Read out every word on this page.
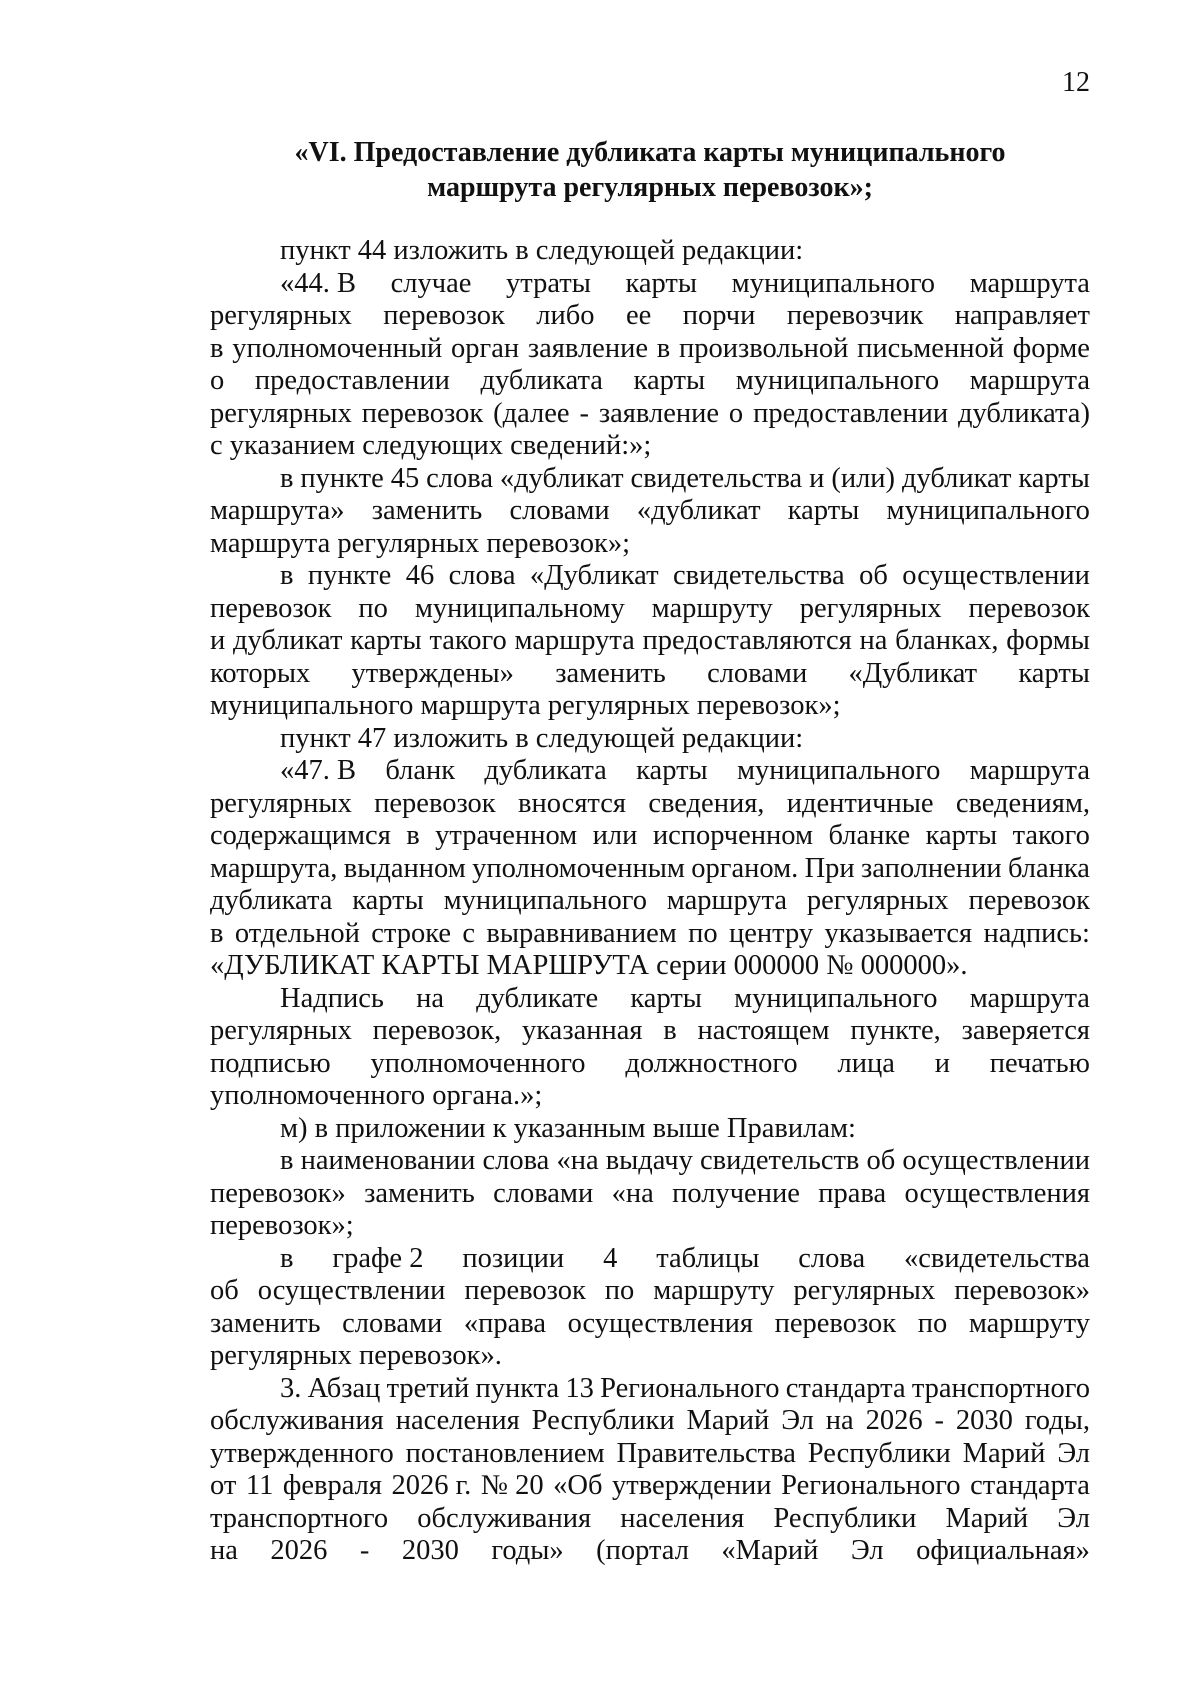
12
«VI. Предоставление дубликата карты муниципального
маршрута регулярных перевозок»;
пункт 44 изложить в следующей редакции:
«44. В случае утраты карты муниципального маршрута
регулярных перевозок либо ее порчи перевозчик направляет
в уполномоченный орган заявление в произвольной письменной форме
о предоставлении дубликата карты муниципального маршрута
регулярных перевозок (далее - заявление о предоставлении дубликата)
с указанием следующих сведений:»;
в пункте 45 слова «дубликат свидетельства и (или) дубликат карты
маршрута» заменить словами «дубликат карты муниципального
маршрута регулярных перевозок»;
в пункте 46 слова «Дубликат свидетельства об осуществлении
перевозок по муниципальному маршруту регулярных перевозок
и дубликат карты такого маршрута предоставляются на бланках, формы
которых утверждены» заменить словами «Дубликат карты
муниципального маршрута регулярных перевозок»;
пункт 47 изложить в следующей редакции:
«47. В бланк дубликата карты муниципального маршрута
регулярных перевозок вносятся сведения, идентичные сведениям,
содержащимся в утраченном или испорченном бланке карты такого
маршрута, выданном уполномоченным органом. При заполнении бланка
дубликата карты муниципального маршрута регулярных перевозок
в отдельной строке с выравниванием по центру указывается надпись:
«ДУБЛИКАТ КАРТЫ МАРШРУТА серии 000000 № 000000».
Надпись на дубликате карты муниципального маршрута
регулярных перевозок, указанная в настоящем пункте, заверяется
подписью уполномоченного должностного лица и печатью
уполномоченного органа.»;
м) в приложении к указанным выше Правилам:
в наименовании слова «на выдачу свидетельств об осуществлении
перевозок» заменить словами «на получение права осуществления
перевозок»;
в графе 2 позиции 4 таблицы слова «свидетельства
об осуществлении перевозок по маршруту регулярных перевозок»
заменить словами «права осуществления перевозок по маршруту
регулярных перевозок».
3. Абзац третий пункта 13 Регионального стандарта транспортного
обслуживания населения Республики Марий Эл на 2026 - 2030 годы,
утвержденного постановлением Правительства Республики Марий Эл
от 11 февраля 2026 г. № 20 «Об утверждении Регионального стандарта
транспортного обслуживания населения Республики Марий Эл
на 2026 - 2030 годы» (портал «Марий Эл официальная»
